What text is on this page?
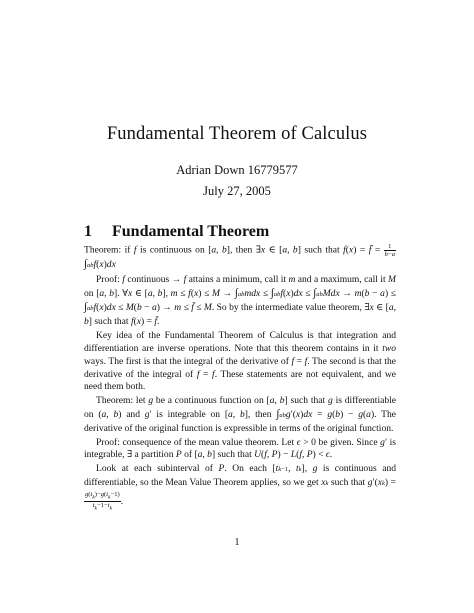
Fundamental Theorem of Calculus
Adrian Down 16779577
July 27, 2005
1 Fundamental Theorem

Theorem: if f is continuous on [a, b], then ∃x ∈ [a, b] such that f(x) = f̄ = $\frac{1}{b-a}$
∫abf(x)dx

Proof: f continuous → f attains a minimum, call it m and a maximum, call it M on [a, b]. ∀x ∈ [a, b], m ≤ f(x) ≤ M → ∫abmdx ≤ ∫abf(x)dx ≤ ∫abMdx → m(b − a) ≤ ∫abf(x)dx ≤ M(b − a) → m ≤ f̄ ≤ M. So by the intermediate value theorem, ∃x ∈ [a, b] such that f(x) = f̄.

Key idea of the Fundamental Theorem of Calculus is that integration and differentiation are inverse operations. Note that this theorem contains in it two ways. The first is that the integral of the derivative of f = f. The second is that the derivative of the integral of f = f. These statements are not equivalent, and we need them both.

Theorem: let g be a continuous function on [a, b] such that g is differentiable on (a, b) and g′ is integrable on [a, b], then ∫abg′(x)dx = g(b) − g(a). The derivative of the original function is expressible in terms of the original function.

Proof: consequence of the mean value theorem. Let ϵ > 0 be given. Since g′ is integrable, ∃ a partition P of [a, b] such that U(f, P) − L(f, P) < ϵ.

Look at each subinterval of P. On each [tk−1, tk], g is continuous and differentiable, so the Mean Value Theorem applies, so we get xk such that g′(xk) =
$\frac{g(t_k)-g(t_k-1)}{t_k-1-t_k}$ .

1
